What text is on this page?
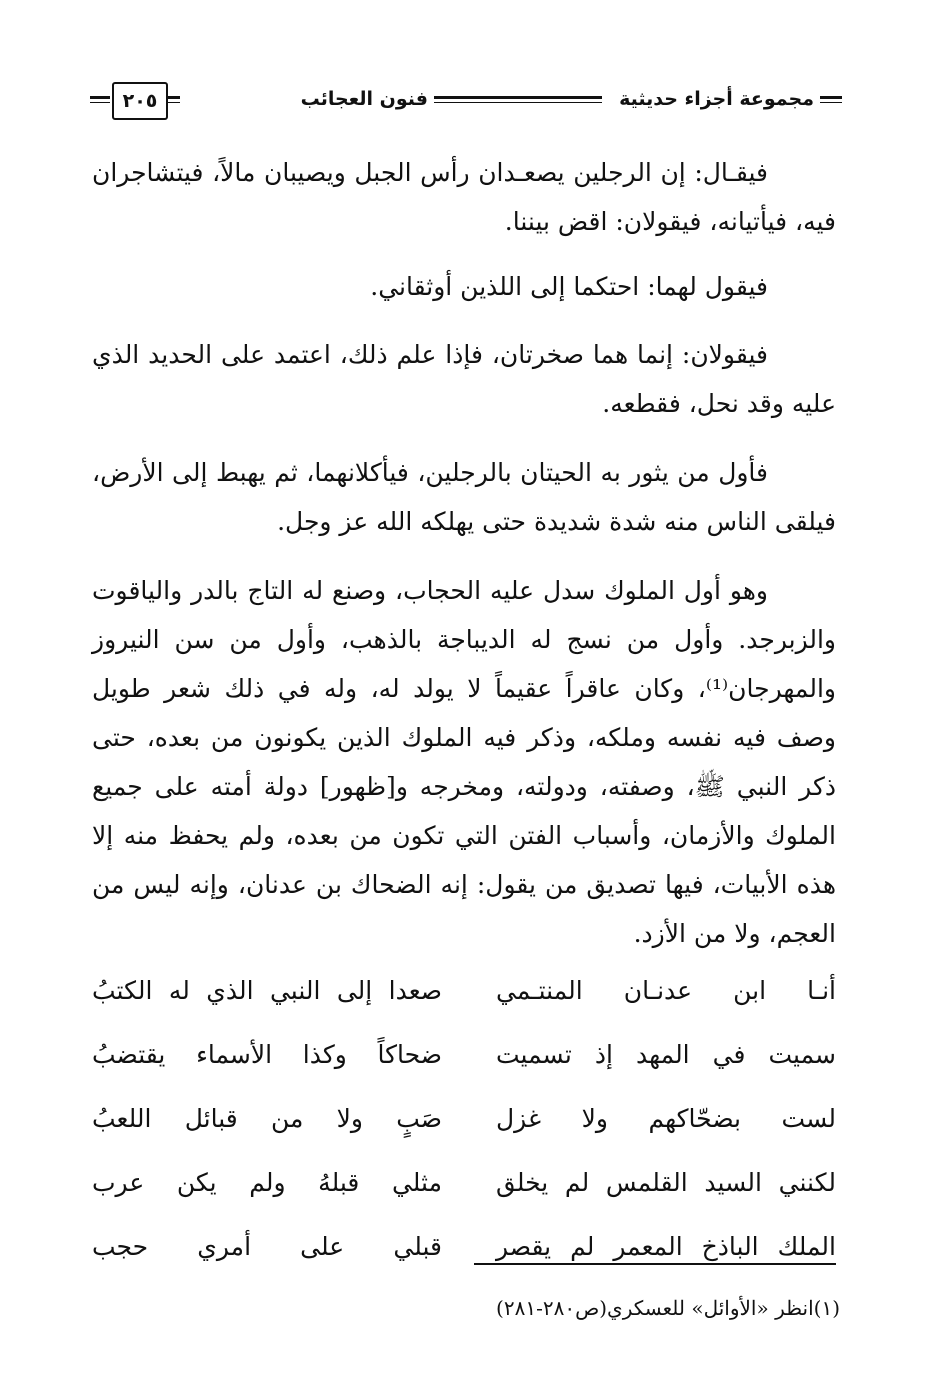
مجموعة أجزاء حديثية
فنون العجائب
٢٠٥
فيقـال: إن الرجلين يصعـدان رأس الجبل ويصيبان مالاً، فيتشاجران فيه، فيأتيانه، فيقولان: اقض بيننا.
فيقول لهما: احتكما إلى اللذين أوثقاني.
فيقولان: إنما هما صخرتان، فإذا علم ذلك، اعتمد على الحديد الذي عليه وقد نحل، فقطعه.
فأول من يثور به الحيتان بالرجلين، فيأكلانهما، ثم يهبط إلى الأرض، فيلقى الناس منه شدة شديدة حتى يهلكه الله عز وجل.
وهو أول الملوك سدل عليه الحجاب، وصنع له التاج بالدر والياقوت والزبرجد. وأول من نسج له الديباجة بالذهب، وأول من سن النيروز والمهرجان⁽¹⁾، وكان عاقراً عقيماً لا يولد له، وله في ذلك شعر طويل وصف فيه نفسه وملكه، وذكر فيه الملوك الذين يكونون من بعده، حتى ذكر النبي ﷺ، وصفته، ودولته، ومخرجه و[ظهور] دولة أمته على جميع الملوك والأزمان، وأسباب الفتن التي تكون من بعده، ولم يحفظ منه إلا هذه الأبيات، فيها تصديق من يقول: إنه الضحاك بن عدنان، وإنه ليس من العجم، ولا من الأزد.
أنـا ابن عدنـان المنتـمي
صعدا إلى النبي الذي له الكتبُ
سميت في المهد إذ تسميت
ضحاكاً وكذا الأسماء يقتضبُ
لست بضحّاكهم ولا غزل
صَبٍ ولا من قبائل اللعبُ
لكنني السيد القلمس لم يخلق
مثلي قبلهُ ولم يكن عرب
الملك الباذخ المعمر لم يقصر
قبلي على أمري حجب
(١)انظر «الأوائل» للعسكري(ص٢٨٠-٢٨١)
